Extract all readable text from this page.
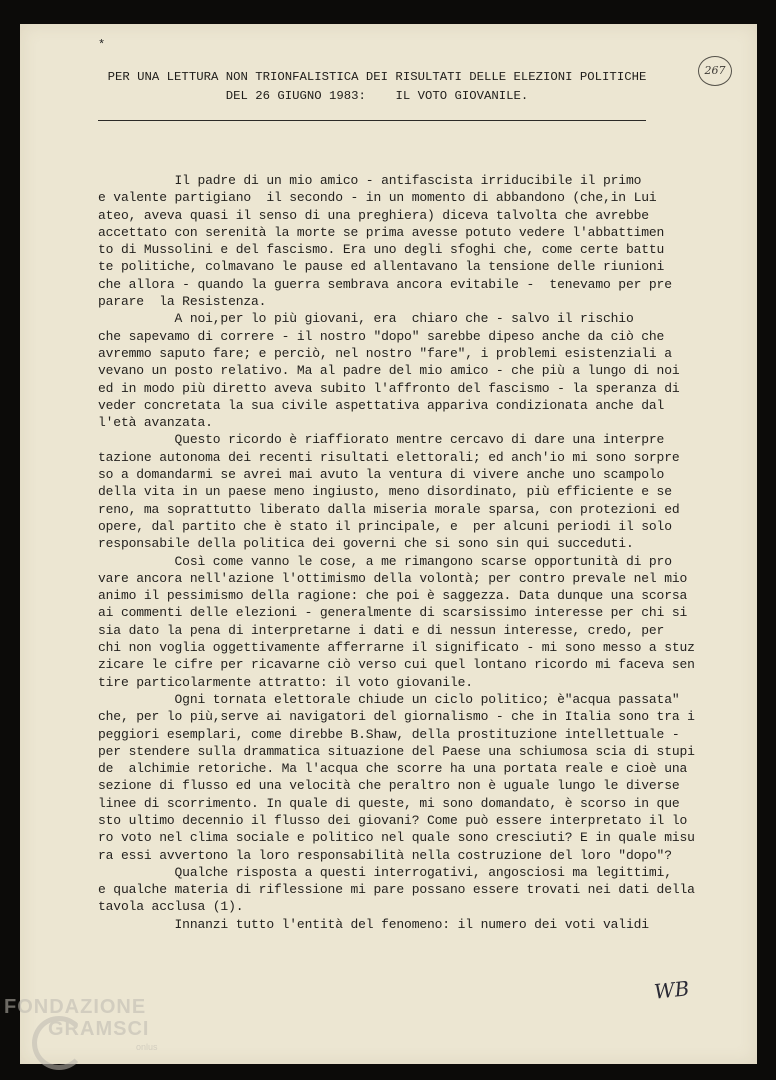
*
267
PER UNA LETTURA NON TRIONFALISTICA DEI RISULTATI DELLE ELEZIONI POLITICHE
DEL 26 GIUGNO 1983:    IL VOTO GIOVANILE.
Il padre di un mio amico - antifascista irriducibile il primo
e valente partigiano  il secondo - in un momento di abbandono (che,in Lui
ateo, aveva quasi il senso di una preghiera) diceva talvolta che avrebbe
accettato con serenità la morte se prima avesse potuto vedere l'abbattimen
to di Mussolini e del fascismo. Era uno degli sfoghi che, come certe battu
te politiche, colmavano le pause ed allentavano la tensione delle riunioni
che allora - quando la guerra sembrava ancora evitabile -  tenevamo per pre
parare  la Resistenza.
A noi,per lo più giovani, era  chiaro che - salvo il rischio
che sapevamo di correre - il nostro "dopo" sarebbe dipeso anche da ciò che
avremmo saputo fare; e perciò, nel nostro "fare", i problemi esistenziali a
vevano un posto relativo. Ma al padre del mio amico - che più a lungo di noi
ed in modo più diretto aveva subito l'affronto del fascismo - la speranza di
veder concretata la sua civile aspettativa appariva condizionata anche dal
l'età avanzata.
Questo ricordo è riaffiorato mentre cercavo di dare una interpre
tazione autonoma dei recenti risultati elettorali; ed anch'io mi sono sorpre
so a domandarmi se avrei mai avuto la ventura di vivere anche uno scampolo
della vita in un paese meno ingiusto, meno disordinato, più efficiente e se
reno, ma soprattutto liberato dalla miseria morale sparsa, con protezioni ed
opere, dal partito che è stato il principale, e  per alcuni periodi il solo
responsabile della politica dei governi che si sono sin qui succeduti.
Così come vanno le cose, a me rimangono scarse opportunità di pro
vare ancora nell'azione l'ottimismo della volontà; per contro prevale nel mio
animo il pessimismo della ragione: che poi è saggezza. Data dunque una scorsa
ai commenti delle elezioni - generalmente di scarsissimo interesse per chi si
sia dato la pena di interpretarne i dati e di nessun interesse, credo, per
chi non voglia oggettivamente afferrarne il significato - mi sono messo a stuz
zicare le cifre per ricavarne ciò verso cui quel lontano ricordo mi faceva sen
tire particolarmente attratto: il voto giovanile.
Ogni tornata elettorale chiude un ciclo politico; è"acqua passata"
che, per lo più,serve ai navigatori del giornalismo - che in Italia sono tra i
peggiori esemplari, come direbbe B.Shaw, della prostituzione intellettuale -
per stendere sulla drammatica situazione del Paese una schiumosa scia di stupi
de  alchimie retoriche. Ma l'acqua che scorre ha una portata reale e cioè una
sezione di flusso ed una velocità che peraltro non è uguale lungo le diverse
linee di scorrimento. In quale di queste, mi sono domandato, è scorso in que
sto ultimo decennio il flusso dei giovani? Come può essere interpretato il lo
ro voto nel clima sociale e politico nel quale sono cresciuti? E in quale misu
ra essi avvertono la loro responsabilità nella costruzione del loro "dopo"?
Qualche risposta a questi interrogativi, angosciosi ma legittimi,
e qualche materia di riflessione mi pare possano essere trovati nei dati della
tavola acclusa (1).
Innanzi tutto l'entità del fenomeno: il numero dei voti validi
WB
FONDAZIONE
GRAMSCI
onlus
